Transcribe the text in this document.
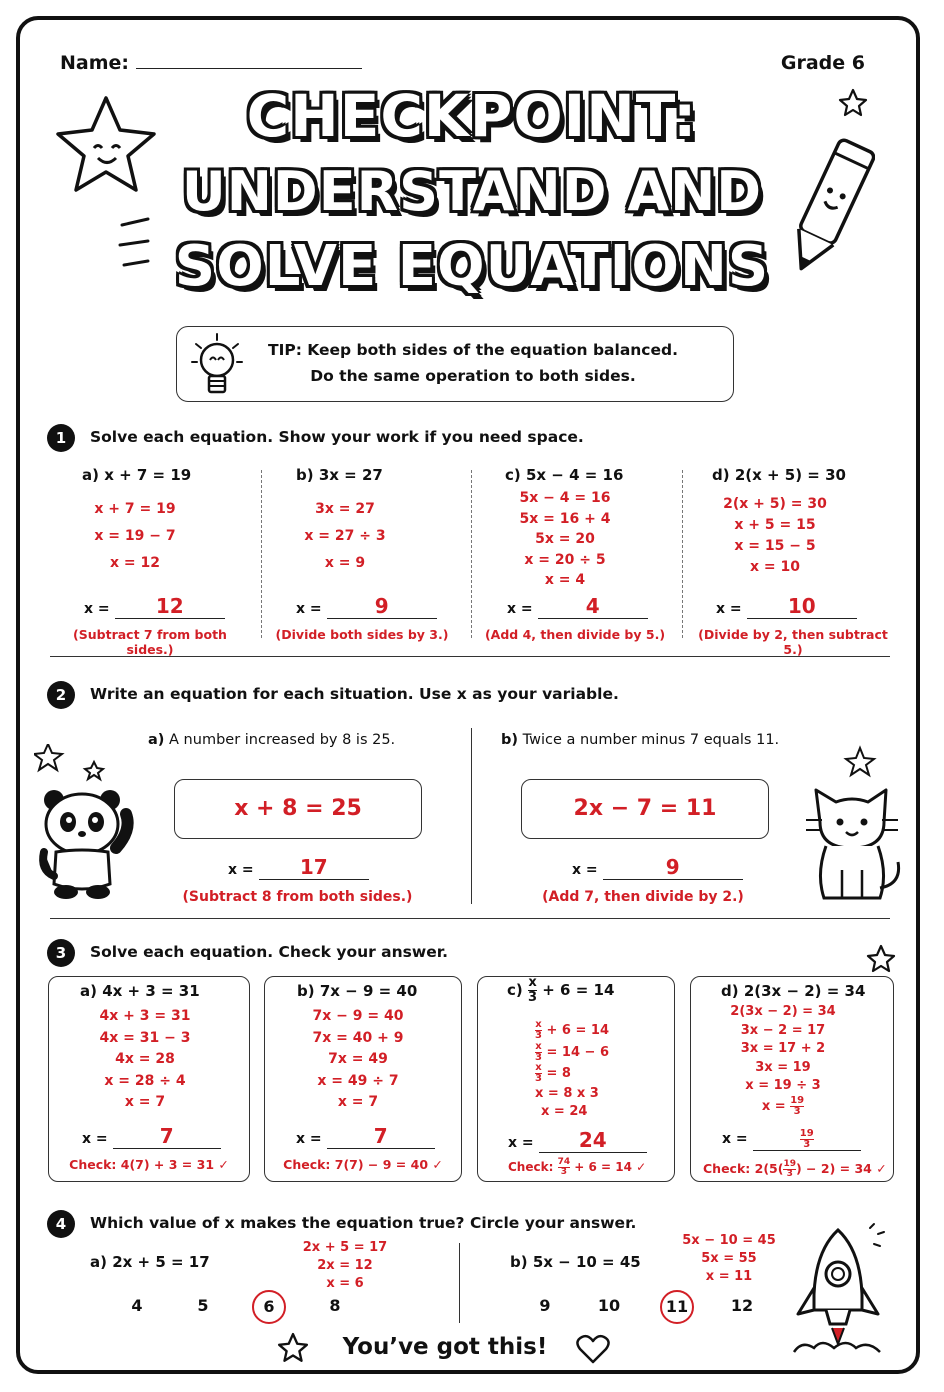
Name:	Grade 6
CHECKPOINT:
UNDERSTAND AND
SOLVE EQUATIONS
TIP: Keep both sides of the equation balanced.
Do the same operation to both sides.
1	Solve each equation. Show your work if you need space.
a) x + 7 = 19
x + 7 = 19
x = 19 − 7
x = 12
x = 12
(Subtract 7 from both sides.)
b) 3x = 27
3x = 27
x = 27 ÷ 3
x = 9
x =	9
(Divide both sides by 3.)
c) 5x − 4 = 16
5x − 4 = 16
5x = 16 + 4
5x = 20
x = 20 ÷ 5
x = 4
x =	4
(Add 4, then divide by 5.)
d) 2(x + 5) = 30
2(x + 5) = 30
x + 5 = 15
x = 15 − 5
x = 10
x = 10
(Divide by 2, then subtract 5.)
2	Write an equation for each situation. Use x as your variable.
a) A number increased by 8 is 25.
x + 8 = 25
x = 17
(Subtract 8 from both sides.)
b) Twice a number minus 7 equals 11.
2x − 7 = 11
x =	9
(Add 7, then divide by 2.)
3	Solve each equation. Check your answer.
a) 4x + 3 = 31
4x + 3 = 31
4x = 31 − 3
4x = 28
x = 28 ÷ 4
x = 7
x =	7
Check: 4(7) + 3 = 31 ✓
b) 7x − 9 = 40
7x − 9 = 40
7x = 40 + 9
7x = 49
x = 49 ÷ 7
x = 7
x =	7
Check: 7(7) − 9 = 40 ✓
$c) \frac{x}{3} + 6 = 14$
$\frac{x}{3} + 6 = 14$
$\frac{x}{3} = 14 - 6$
$\frac{x}{3} = 8$
x = 8 x 3
x = 24
x = 24
Check: $\frac{74}{3} + 6 = 14$ ✓
d) 2(3x − 2) = 34
2(3x − 2) = 34
3x − 2 = 17
3x = 17 + 2
3x = 19
x = 19 ÷ 3
$x = \frac{19}{3}$
x =	$\frac{19}{3}$
Check: $2(5( \frac{19}{3}$ ) − 2) = 34 ✓
4	Which value of x makes the equation true? Circle your answer.
a) 2x + 5 = 17
2x + 5 = 17
2x = 12
x = 6
4	5	6	8
b) 5x − 10 = 45
5x − 10 = 45
5x = 55
x = 11
9	10	11	12
You’ve got this!
